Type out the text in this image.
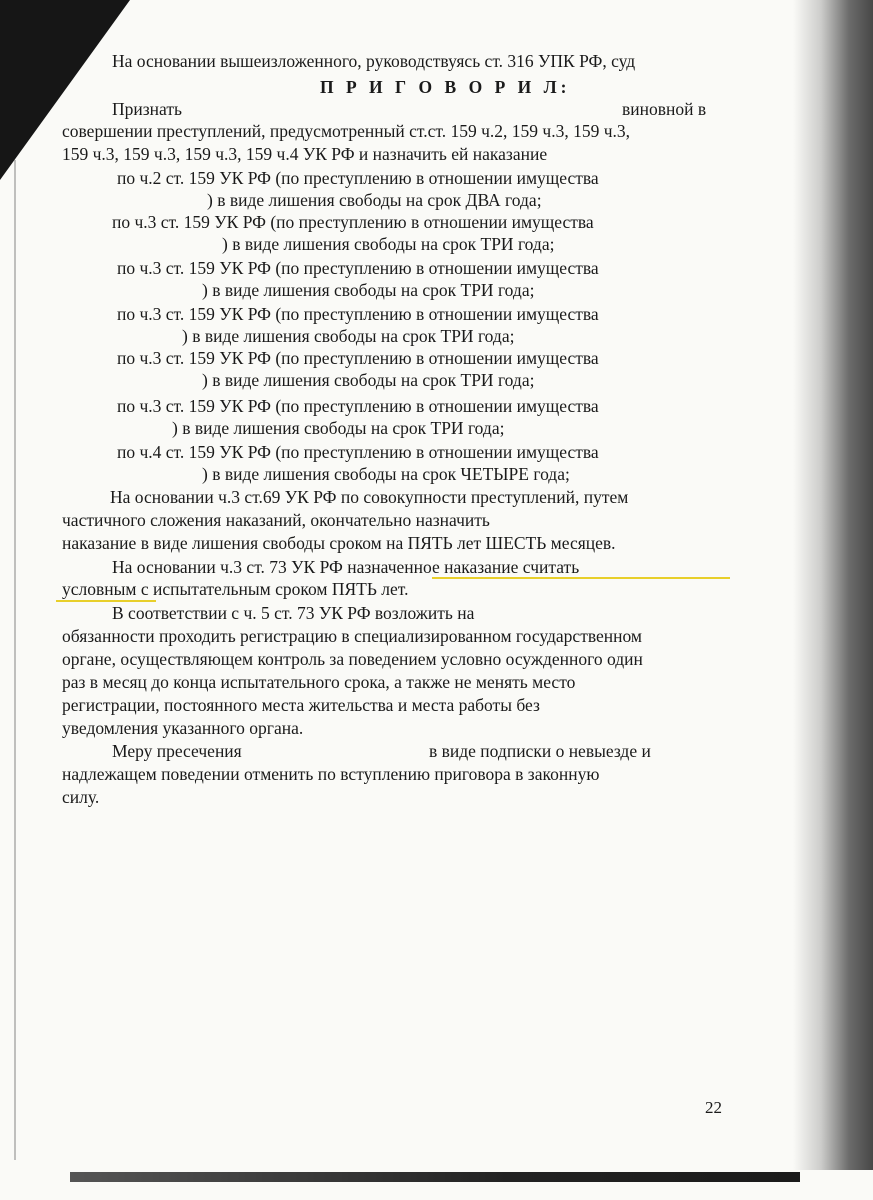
На основании вышеизложенного, руководствуясь ст. 316 УПК РФ, суд
П Р И Г О В О Р И Л:
Признать	виновной в
совершении преступлений, предусмотренный ст.ст. 159 ч.2, 159 ч.3, 159 ч.3,
159 ч.3, 159 ч.3, 159 ч.3, 159 ч.4 УК РФ и назначить ей наказание
по ч.2 ст. 159 УК РФ (по преступлению в отношении имущества
) в виде лишения свободы на срок ДВА года;
по ч.3 ст. 159 УК РФ (по преступлению в отношении имущества
) в виде лишения свободы на срок ТРИ года;
по ч.3 ст. 159 УК РФ (по преступлению в отношении имущества
) в виде лишения свободы на срок ТРИ года;
по ч.3 ст. 159 УК РФ (по преступлению в отношении имущества
) в виде лишения свободы на срок ТРИ года;
по ч.3 ст. 159 УК РФ (по преступлению в отношении имущества
) в виде лишения свободы на срок ТРИ года;
по ч.3 ст. 159 УК РФ (по преступлению в отношении имущества
) в виде лишения свободы на срок ТРИ года;
по ч.4 ст. 159 УК РФ (по преступлению в отношении имущества
) в виде лишения свободы на срок ЧЕТЫРЕ года;
На основании ч.3 ст.69 УК РФ по совокупности преступлений, путем
частичного сложения наказаний, окончательно назначить
наказание в виде лишения свободы сроком на ПЯТЬ лет ШЕСТЬ месяцев.
На основании ч.3 ст. 73 УК РФ назначенное наказание считать
условным с испытательным сроком ПЯТЬ лет.
В соответствии с ч. 5 ст. 73 УК РФ возложить на
обязанности проходить регистрацию в специализированном государственном
органе, осуществляющем контроль за поведением условно осужденного один
раз в месяц до конца испытательного срока, а также не менять место
регистрации, постоянного места жительства и места работы без
уведомления указанного органа.
Меру пресечения	в виде подписки о невыезде и
надлежащем поведении отменить по вступлению приговора в законную
силу.
22
